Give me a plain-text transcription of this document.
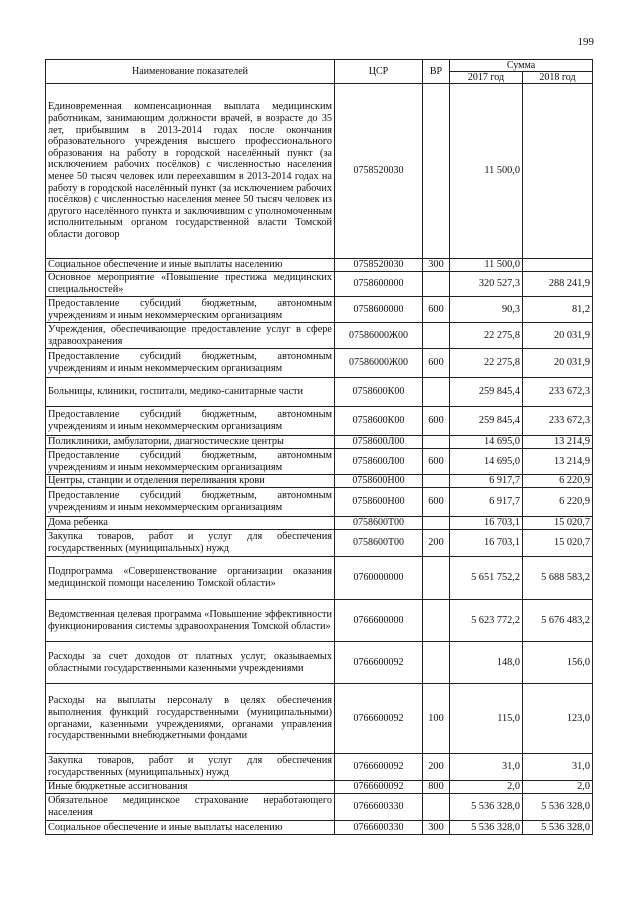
199
Наименование показателей	ЦСР	ВР	Сумма	
			2017 год	2018 год
Единовременная компенсационная выплата медицинским работникам, занимающим должности врачей, в возрасте до 35 лет, прибывшим в 2013-2014 годах после окончания образовательного учреждения высшего профессионального образования на работу в городской населённый пункт (за исключением рабочих посёлков) с численностью населения менее 50 тысяч человек или переехавшим в 2013-2014 годах на работу в городской населённый пункт (за исключением рабочих посёлков) с численностью населения менее 50 тысяч человек из другого населённого пункта и заключившим с уполномоченным исполнительным органом государственной власти Томской области договор	0758520030		11 500,0	
Социальное обеспечение и иные выплаты населению	0758520030	300	11 500,0	
Основное мероприятие «Повышение престижа медицинских специальностей»	0758600000		320 527,3	288 241,9
Предоставление субсидий бюджетным, автономным учреждениям и иным некоммерческим организациям	0758600000	600	90,3	81,2
Учреждения, обеспечивающие предоставление услуг в сфере здравоохранения	07586000Ж00		22 275,8	20 031,9
Предоставление субсидий бюджетным, автономным учреждениям и иным некоммерческим организациям	07586000Ж00	600	22 275,8	20 031,9
Больницы, клиники, госпитали, медико-санитарные части	0758600К00		259 845,4	233 672,3
Предоставление субсидий бюджетным, автономным учреждениям и иным некоммерческим организациям	0758600К00	600	259 845,4	233 672,3
Поликлиники, амбулатории, диагностические центры	0758600Л00		14 695,0	13 214,9
Предоставление субсидий бюджетным, автономным учреждениям и иным некоммерческим организациям	0758600Л00	600	14 695,0	13 214,9
Центры, станции и отделения переливания крови	0758600Н00		6 917,7	6 220,9
Предоставление субсидий бюджетным, автономным учреждениям и иным некоммерческим организациям	0758600Н00	600	6 917,7	6 220,9
Дома ребенка	0758600Т00		16 703,1	15 020,7
Закупка товаров, работ и услуг для обеспечения государственных (муниципальных) нужд	0758600Т00	200	16 703,1	15 020,7
Подпрограмма «Совершенствование организации оказания медицинской помощи населению Томской области»	0760000000		5 651 752,2	5 688 583,2
Ведомственная целевая программа «Повышение эффективности функционирования системы здравоохранения Томской области»	0766600000		5 623 772,2	5 676 483,2
Расходы за счет доходов от платных услуг, оказываемых областными государственными казенными учреждениями	0766600092		148,0	156,0
Расходы на выплаты персоналу в целях обеспечения выполнения функций государственными (муниципальными) органами, казенными учреждениями, органами управления государственными внебюджетными фондами	0766600092	100	115,0	123,0
Закупка товаров, работ и услуг для обеспечения государственных (муниципальных) нужд	0766600092	200	31,0	31,0
Иные бюджетные ассигнования	0766600092	800	2,0	2,0
Обязательное медицинское страхование неработающего населения	0766600330		5 536 328,0	5 536 328,0
Социальное обеспечение и иные выплаты населению	0766600330	300	5 536 328,0	5 536 328,0
